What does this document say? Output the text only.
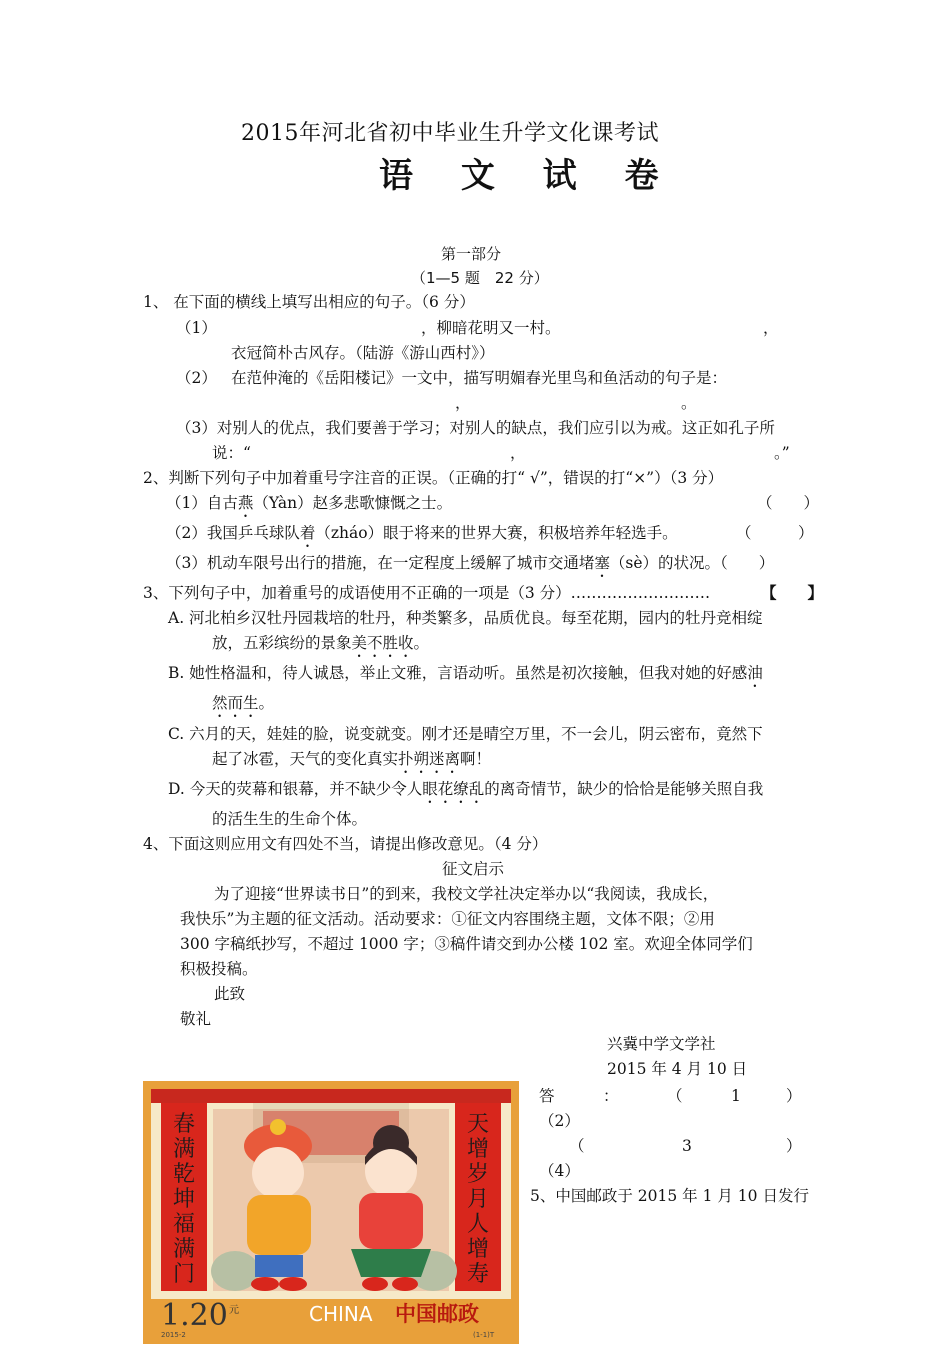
2015年河北省初中毕业生升学文化课考试
语 文 试 卷
第一部分
（1—5 题　22 分）
1、 在下面的横线上填写出相应的句子。（6 分）
（1）	，柳暗花明又一村。	，
衣冠简朴古风存。（陆游《游山西村》）
（2） 在范仲淹的《岳阳楼记》一文中，描写明媚春光里鸟和鱼活动的句子是：
，	。
（3）对别人的优点，我们要善于学习；对别人的缺点，我们应引以为戒。这正如孔子所
说：“	，	。”
2、判断下列句子中加着重号字注音的正误。（正确的打“ √”，错误的打“×”）（3 分）
（1）自古燕（Yàn）赵多悲歌慷慨之士。	（　　）
（2）我国乒乓球队着（zháo）眼于将来的世界大赛，积极培养年轻选手。	（　　　）
（3）机动车限号出行的措施，在一定程度上缓解了城市交通堵塞（sè）的状况。（　　）
3、下列句子中，加着重号的成语使用不正确的一项是（3 分）………………………	【　　】
A. 河北柏乡汉牡丹园栽培的牡丹，种类繁多，品质优良。每至花期，园内的牡丹竞相绽
放，五彩缤纷的景象美不胜收。
B. 她性格温和，待人诚恳，举止文雅，言语动听。虽然是初次接触，但我对她的好感油
然而生。
C. 六月的天，娃娃的脸，说变就变。刚才还是晴空万里，不一会儿，阴云密布，竟然下
起了冰雹，天气的变化真实扑朔迷离啊！
D. 今天的荧幕和银幕，并不缺少令人眼花缭乱的离奇情节，缺少的恰恰是能够关照自我
的活生生的生命个体。
4、下面这则应用文有四处不当，请提出修改意见。（4 分）
征文启示
为了迎接“世界读书日”的到来，我校文学社决定举办以“我阅读，我成长，
我快乐”为主题的征文活动。活动要求：①征文内容围绕主题，文体不限；②用
300 字稿纸抄写，不超过 1000 字；③稿件请交到办公楼 102 室。欢迎全体同学们
积极投稿。
此致
敬礼
兴冀中学文学社
2015 年 4 月 10 日
答	：	（	1	）
（2）
（	3	）
（4）
5、中国邮政于 2015 年 1 月 10 日发行
1.20 元	CHINA 中国邮政
2015-2	(1-1)T
春
满
乾
坤
福
满
门
天
增
岁
月
人
增
寿
